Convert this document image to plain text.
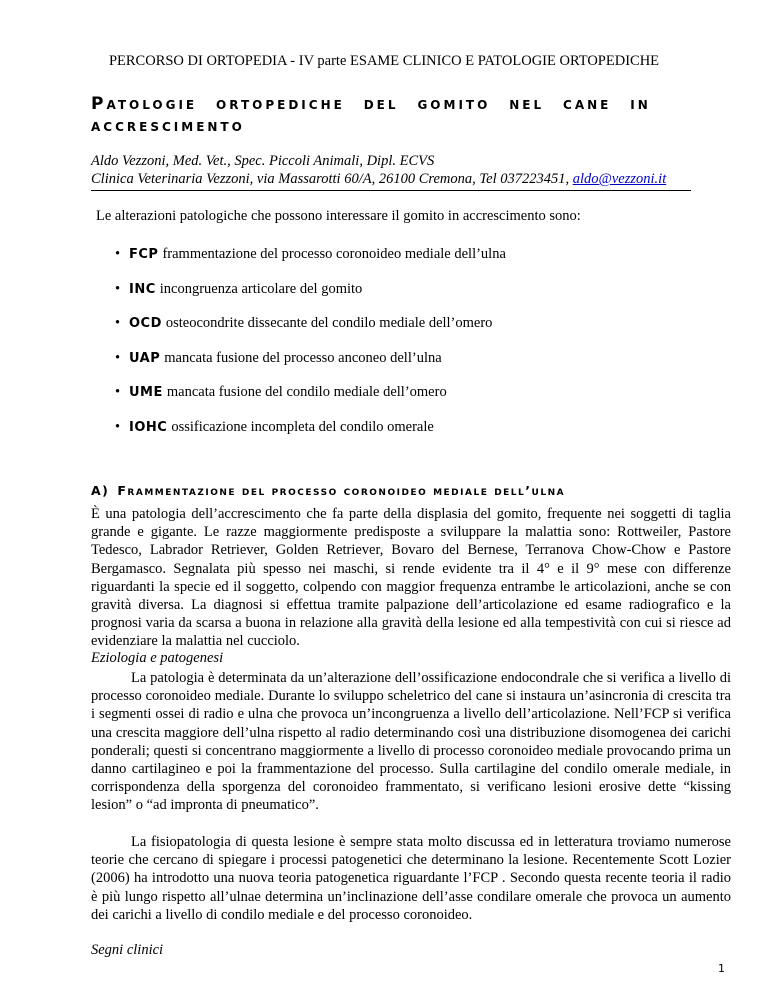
PERCORSO DI ORTOPEDIA - IV parte ESAME CLINICO E PATOLOGIE ORTOPEDICHE
Patologie ortopediche del gomito nel cane in
accrescimento
Aldo Vezzoni, Med. Vet., Spec. Piccoli Animali, Dipl. ECVS
Clinica Veterinaria Vezzoni, via Massarotti 60/A, 26100 Cremona, Tel 037223451, aldo@vezzoni.it
Le alterazioni patologiche che possono interessare il gomito in accrescimento sono:
• FCP frammentazione del processo coronoideo mediale dell’ulna
• INC incongruenza articolare del gomito
• OCD osteocondrite dissecante del condilo mediale dell’omero
• UAP mancata fusione del processo anconeo dell’ulna
• UME mancata fusione del condilo mediale dell’omero
• IOHC ossificazione incompleta del condilo omerale
A) Frammentazione del processo coronoideo mediale dell’ulna
È una patologia dell’accrescimento che fa parte della displasia del gomito, frequente nei soggetti di taglia grande e gigante. Le razze maggiormente predisposte a sviluppare la malattia sono: Rottweiler, Pastore Tedesco, Labrador Retriever, Golden Retriever, Bovaro del Bernese, Terranova Chow-Chow e Pastore Bergamasco. Segnalata più spesso nei maschi, si rende evidente tra il 4° e il 9° mese con differenze riguardanti la specie ed il soggetto, colpendo con maggior frequenza entrambe le articolazioni, anche se con gravità diversa. La diagnosi si effettua tramite palpazione dell’articolazione ed esame radiografico e la prognosi varia da scarsa a buona in relazione alla gravità della lesione ed alla tempestività con cui si riesce ad evidenziare la malattia nel cucciolo.
Eziologia e patogenesi
La patologia è determinata da un’alterazione dell’ossificazione endocondrale che si verifica a livello di processo coronoideo mediale. Durante lo sviluppo scheletrico del cane si instaura un’asincronia di crescita tra i segmenti ossei di radio e ulna che provoca un’incongruenza a livello dell’articolazione. Nell’FCP si verifica una crescita maggiore dell’ulna rispetto al radio determinando così una distribuzione disomogenea dei carichi ponderali; questi si concentrano maggiormente a livello di processo coronoideo mediale provocando prima un danno cartilagineo e poi la frammentazione del processo. Sulla cartilagine del condilo omerale mediale, in corrispondenza della sporgenza del coronoideo frammentato, si verificano lesioni erosive dette “kissing lesion” o “ad impronta di pneumatico”.
La fisiopatologia di questa lesione è sempre stata molto discussa ed in letteratura troviamo numerose teorie che cercano di spiegare i processi patogenetici che determinano la lesione. Recentemente Scott Lozier (2006) ha introdotto una nuova teoria patogenetica riguardante l’FCP . Secondo questa recente teoria il radio è più lungo rispetto all’ulnae determina un’inclinazione dell’asse condilare omerale che provoca un aumento dei carichi a livello di condilo mediale e del processo coronoideo.
Segni clinici
1
